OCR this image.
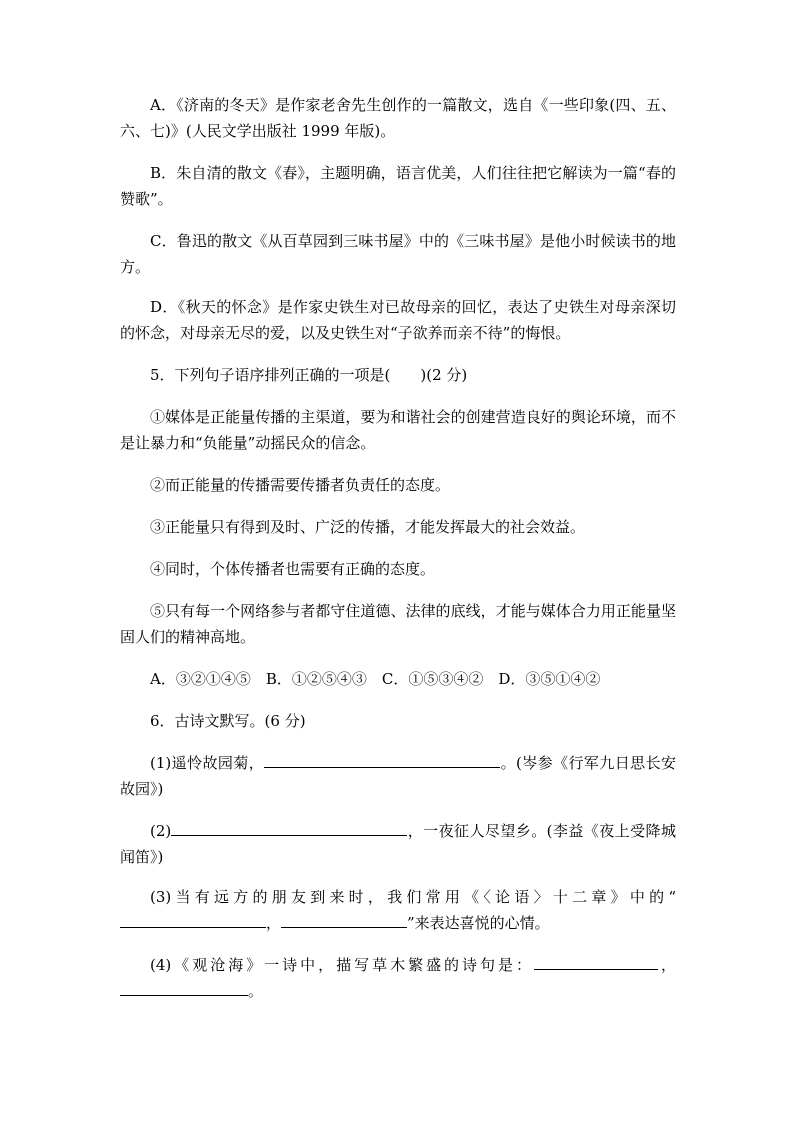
A．《济南的冬天》是作家老舍先生创作的一篇散文，选自《一些印象(四、五、六、七)》(人民文学出版社 1999 年版)。

B．朱自清的散文《春》，主题明确，语言优美，人们往往把它解读为一篇“春的赞歌”。

C．鲁迅的散文《从百草园到三味书屋》中的《三味书屋》是他小时候读书的地方。

D．《秋天的怀念》是作家史铁生对已故母亲的回忆，表达了史铁生对母亲深切的怀念，对母亲无尽的爱，以及史铁生对“子欲养而亲不待”的悔恨。

5．下列句子语序排列正确的一项是(　　)(2 分)

①媒体是正能量传播的主渠道，要为和谐社会的创建营造良好的舆论环境，而不是让暴力和“负能量”动摇民众的信念。

②而正能量的传播需要传播者负责任的态度。

③正能量只有得到及时、广泛的传播，才能发挥最大的社会效益。

④同时，个体传播者也需要有正确的态度。

⑤只有每一个网络参与者都守住道德、法律的底线，才能与媒体合力用正能量坚固人们的精神高地。

A．③②①④⑤　B．①②⑤④③　C．①⑤③④②　D．③⑤①④②

6．古诗文默写。(6 分)

(1)遥怜故园菊，	。(岑参《行军九日思长安故园》)

(2)	，一夜征人尽望乡。(李益《夜上受降城闻笛》)

(3)当有远方的朋友到来时，我们常用《〈论语〉十二章》中的“，	”来表达喜悦的心情。

(4)《观沧海》一诗中，描写草木繁盛的诗句是：	，。
